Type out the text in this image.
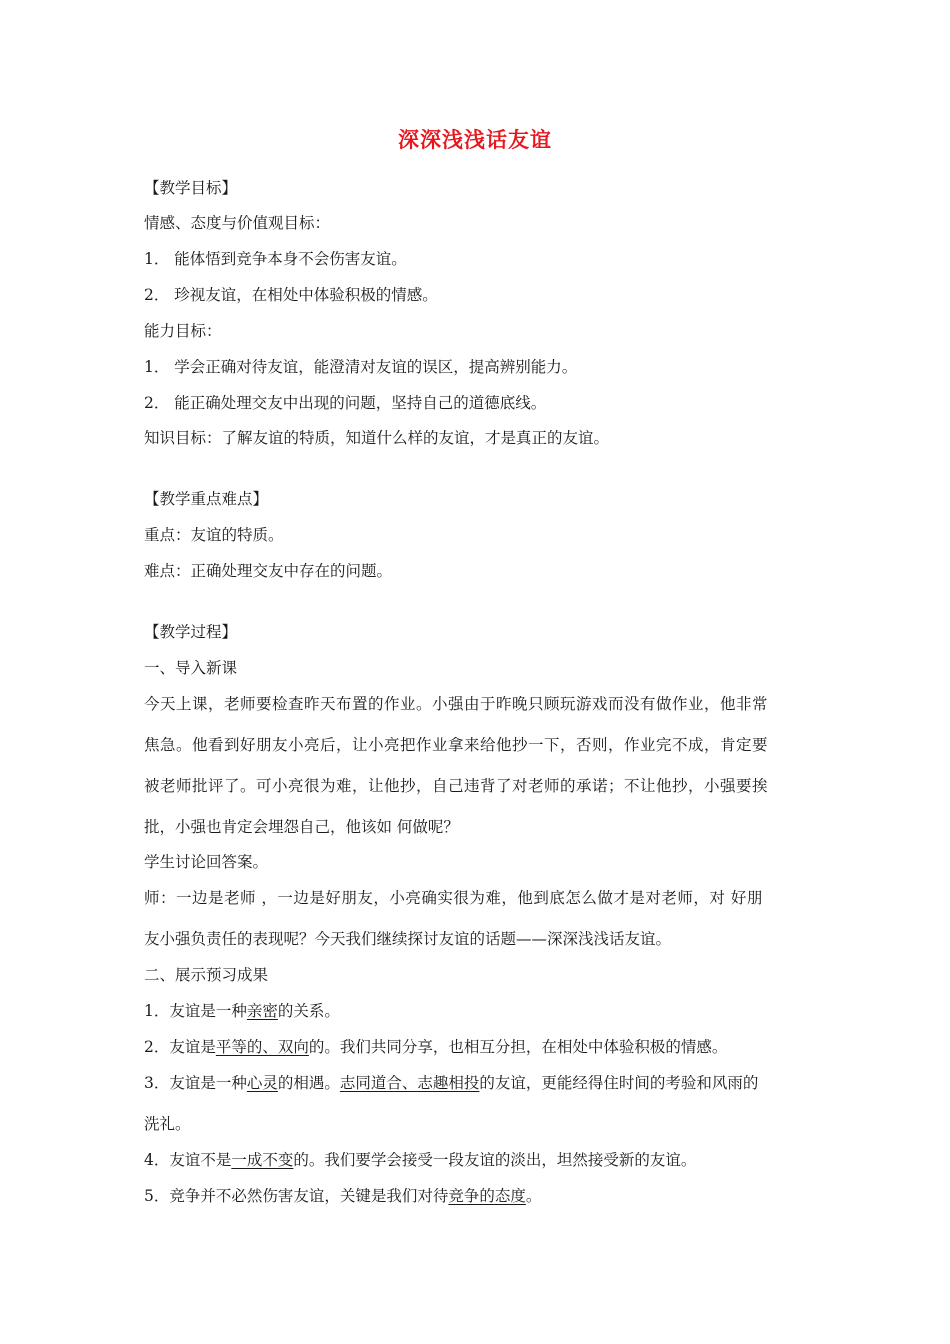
深深浅浅话友谊
【教学目标】
情感、态度与价值观目标：
1． 能体悟到竞争本身不会伤害友谊。
2． 珍视友谊，在相处中体验积极的情感。
能力目标：
1． 学会正确对待友谊，能澄清对友谊的误区，提高辨别能力。
2． 能正确处理交友中出现的问题，坚持自己的道德底线。
知识目标：了解友谊的特质，知道什么样的友谊，才是真正的友谊。
【教学重点难点】
重点：友谊的特质。
难点：正确处理交友中存在的问题。
【教学过程】
一、导入新课
今天上课，老师要检查昨天布置的作业。小强由于昨晚只顾玩游戏而没有做作业，他非常
焦急。他看到好朋友小亮后，让小亮把作业拿来给他抄一下，否则，作业完不成，肯定要
被老师批评了。可小亮很为难，让他抄，自己违背了对老师的承诺；不让他抄，小强要挨
批，小强也肯定会埋怨自己，他该如 何做呢？
学生讨论回答案。
师：一边是老师 ，一边是好朋友，小亮确实很为难，他到底怎么做才是对老师，对 好朋
友小强负责任的表现呢？今天我们继续探讨友谊的话题——深深浅浅话友谊。
二、展示预习成果
1．友谊是一种亲密的关系。
2．友谊是平等的、双向的。我们共同分享，也相互分担，在相处中体验积极的情感。
3．友谊是一种心灵的相遇。志同道合、志趣相投的友谊，更能经得住时间的考验和风雨的
洗礼。
4．友谊不是一成不变的。我们要学会接受一段友谊的淡出，坦然接受新的友谊。
5．竞争并不必然伤害友谊，关键是我们对待竞争的态度。
